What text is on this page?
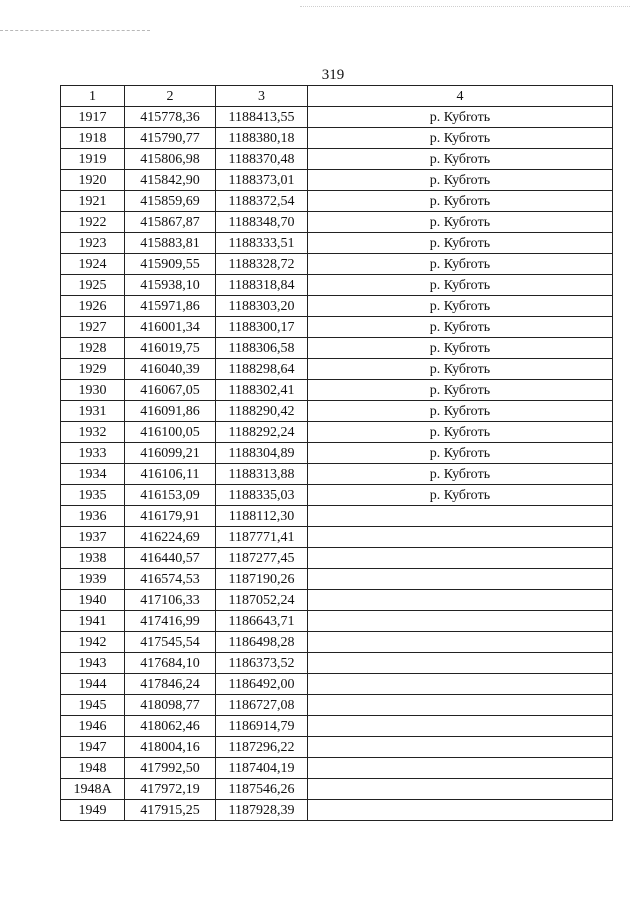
319
1	2	3	4
1917	415778,36	1188413,55	р. Кубroть
1918	415790,77	1188380,18	р. Кубroть
1919	415806,98	1188370,48	р. Кубroть
1920	415842,90	1188373,01	р. Кубroть
1921	415859,69	1188372,54	р. Кубroть
1922	415867,87	1188348,70	р. Кубroть
1923	415883,81	1188333,51	р. Кубroть
1924	415909,55	1188328,72	р. Кубroть
1925	415938,10	1188318,84	р. Кубroть
1926	415971,86	1188303,20	р. Кубroть
1927	416001,34	1188300,17	р. Кубroть
1928	416019,75	1188306,58	р. Кубroть
1929	416040,39	1188298,64	р. Кубroть
1930	416067,05	1188302,41	р. Кубroть
1931	416091,86	1188290,42	р. Кубroть
1932	416100,05	1188292,24	р. Кубroть
1933	416099,21	1188304,89	р. Кубroть
1934	416106,11	1188313,88	р. Кубroть
1935	416153,09	1188335,03	р. Кубroть
1936	416179,91	1188112,30	
1937	416224,69	1187771,41	
1938	416440,57	1187277,45	
1939	416574,53	1187190,26	
1940	417106,33	1187052,24	
1941	417416,99	1186643,71	
1942	417545,54	1186498,28	
1943	417684,10	1186373,52	
1944	417846,24	1186492,00	
1945	418098,77	1186727,08	
1946	418062,46	1186914,79	
1947	418004,16	1187296,22	
1948	417992,50	1187404,19	
1948А	417972,19	1187546,26	
1949	417915,25	1187928,39	
